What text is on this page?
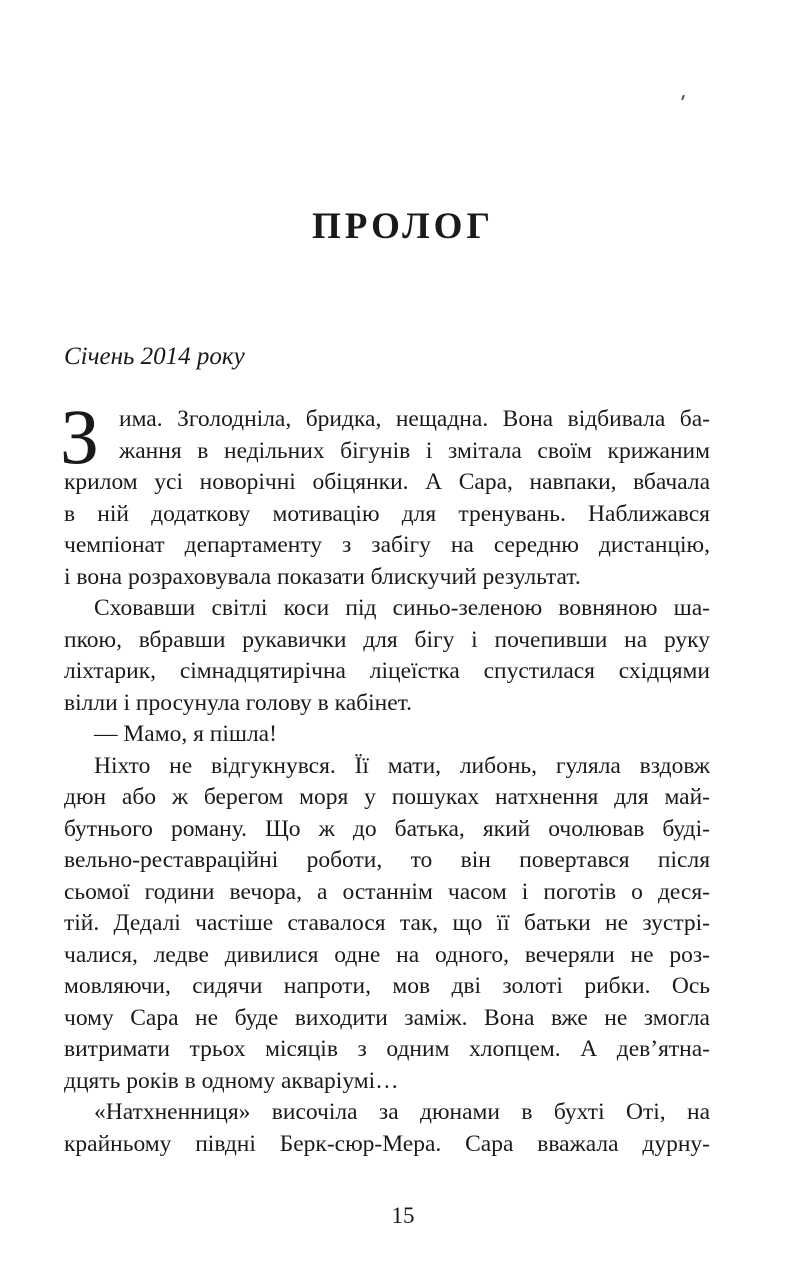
ПРОЛОГ

Січень 2014 року

З има. Зголодніла, бридка, нещадна. Вона відбивала ба-
жання в недільних бігунів і змітала своїм крижаним
крилом усі новорічні обіцянки. А Сара, навпаки, вбачала
в ній додаткову мотивацію для тренувань. Наближався
чемпіонат департаменту з забігу на середню дистанцію,
і вона розраховувала показати блискучий результат.
Сховавши світлі коси під синьо-зеленою вовняною ша-
пкою, вбравши рукавички для бігу і почепивши на руку
ліхтарик, сімнадцятирічна ліцеїстка спустилася східцями
вілли і просунула голову в кабінет.
— Мамо, я пішла!
Ніхто не відгукнувся. Її мати, либонь, гуляла вздовж
дюн або ж берегом моря у пошуках натхнення для май-
бутнього роману. Що ж до батька, який очолював буді-
вельно-реставраційні роботи, то він повертався після
сьомої години вечора, а останнім часом і поготів о деся-
тій. Дедалі частіше ставалося так, що її батьки не зустрі-
чалися, ледве дивилися одне на одного, вечеряли не роз-
мовляючи, сидячи напроти, мов дві золоті рибки. Ось
чому Сара не буде виходити заміж. Вона вже не змогла
витримати трьох місяців з одним хлопцем. А дев’ятна-
дцять років в одному акваріумі…
«Натхненниця» височіла за дюнами в бухті Оті, на
крайньому півдні Берк-сюр-Мера. Сара вважала дурну-

15
